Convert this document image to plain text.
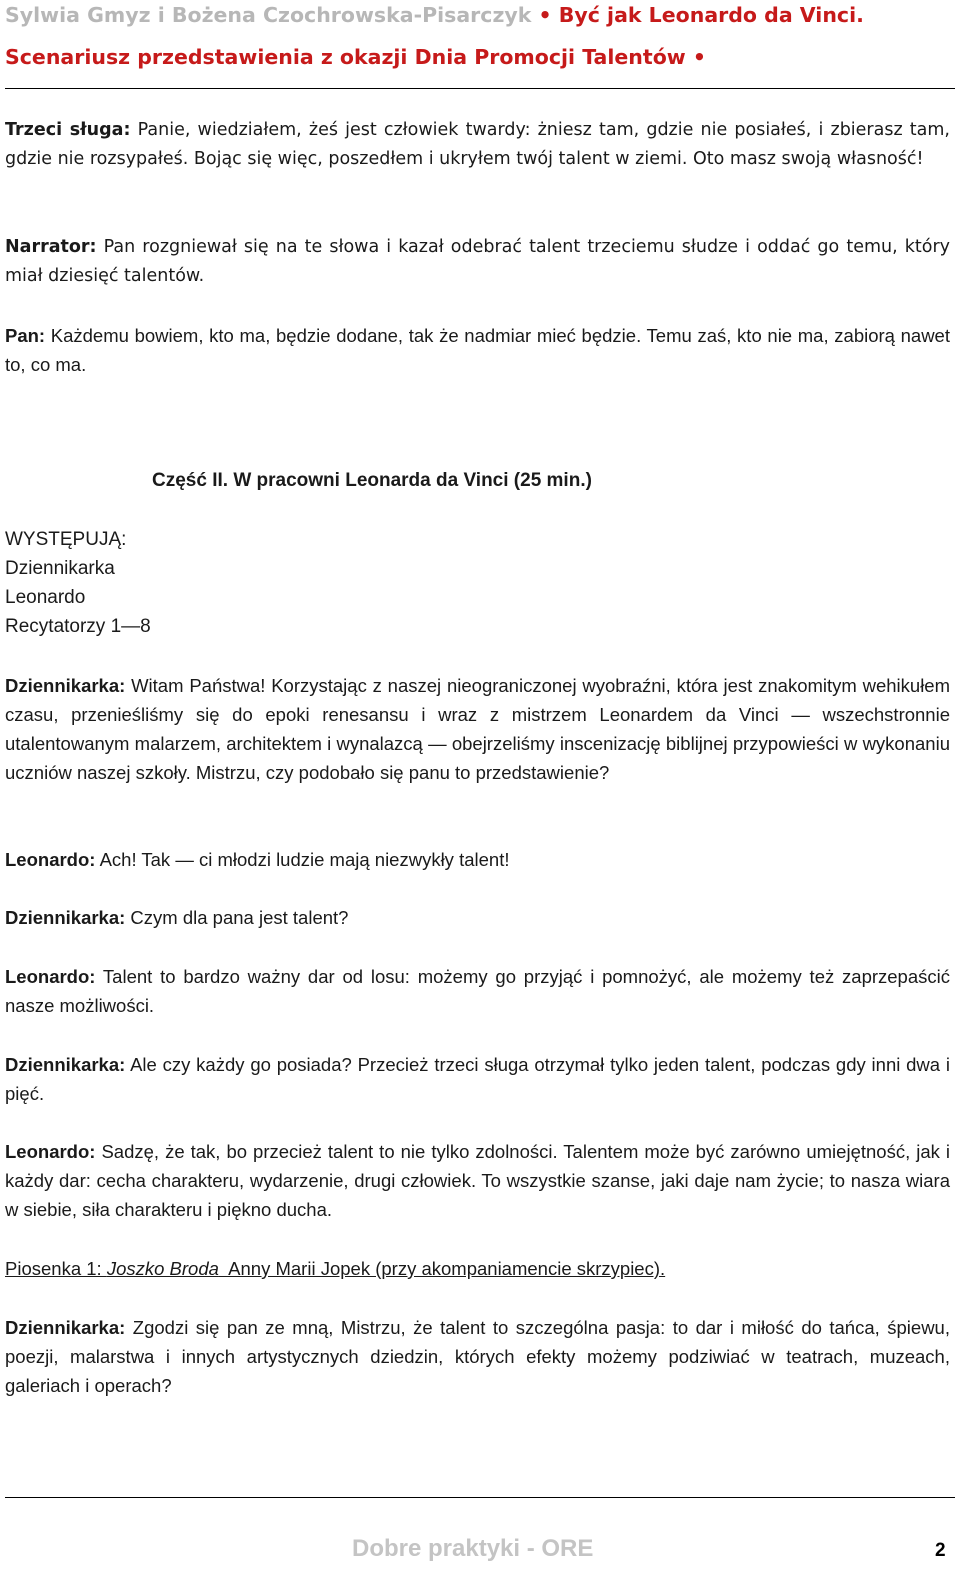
Sylwia Gmyz i Bożena Czochrowska-Pisarczyk • Być jak Leonardo da Vinci.
Scenariusz przedstawienia z okazji Dnia Promocji Talentów •

Trzeci sługa: Panie, wiedziałem, żeś jest człowiek twardy: żniesz tam, gdzie nie posiałeś, i zbierasz tam, gdzie nie rozsypałeś. Bojąc się więc, poszedłem i ukryłem twój talent w ziemi. Oto masz swoją własność!

Narrator: Pan rozgniewał się na te słowa i kazał odebrać talent trzeciemu słudze i oddać go temu, który miał dziesięć talentów.

Pan: Każdemu bowiem, kto ma, będzie dodane, tak że nadmiar mieć będzie. Temu zaś, kto nie ma, zabiorą nawet to, co ma.

Część II. W pracowni Leonarda da Vinci (25 min.)
WYSTĘPUJĄ:
Dziennikarka
Leonardo
Recytatorzy 1—8

Dziennikarka: Witam Państwa! Korzystając z naszej nieograniczonej wyobraźni, która jest znakomitym wehikułem czasu, przenieśliśmy się do epoki renesansu i wraz z mistrzem Leonardem da Vinci — wszechstronnie utalentowanym malarzem, architektem i wynalazcą — obejrzeliśmy inscenizację biblijnej przypowieści w wykonaniu uczniów naszej szkoły. Mistrzu, czy podobało się panu to przedstawienie?

Leonardo: Ach! Tak — ci młodzi ludzie mają niezwykły talent!

Dziennikarka: Czym dla pana jest talent?

Leonardo: Talent to bardzo ważny dar od losu: możemy go przyjąć i pomnożyć, ale możemy też zaprzepaścić nasze możliwości.

Dziennikarka: Ale czy każdy go posiada? Przecież trzeci sługa otrzymał tylko jeden talent, podczas gdy inni dwa i pięć.

Leonardo: Sadzę, że tak, bo przecież talent to nie tylko zdolności. Talentem może być zarówno umiejętność, jak i każdy dar: cecha charakteru, wydarzenie, drugi człowiek. To wszystkie szanse, jaki daje nam życie; to nasza wiara w siebie, siła charakteru i piękno ducha.

Piosenka 1: Joszko Broda  Anny Marii Jopek (przy akompaniamencie skrzypiec).

Dziennikarka: Zgodzi się pan ze mną, Mistrzu, że talent to szczególna pasja: to dar i miłość do tańca, śpiewu, poezji, malarstwa i innych artystycznych dziedzin, których efekty możemy podziwiać w teatrach, muzeach, galeriach i operach?

Dobre praktyki - ORE	2
